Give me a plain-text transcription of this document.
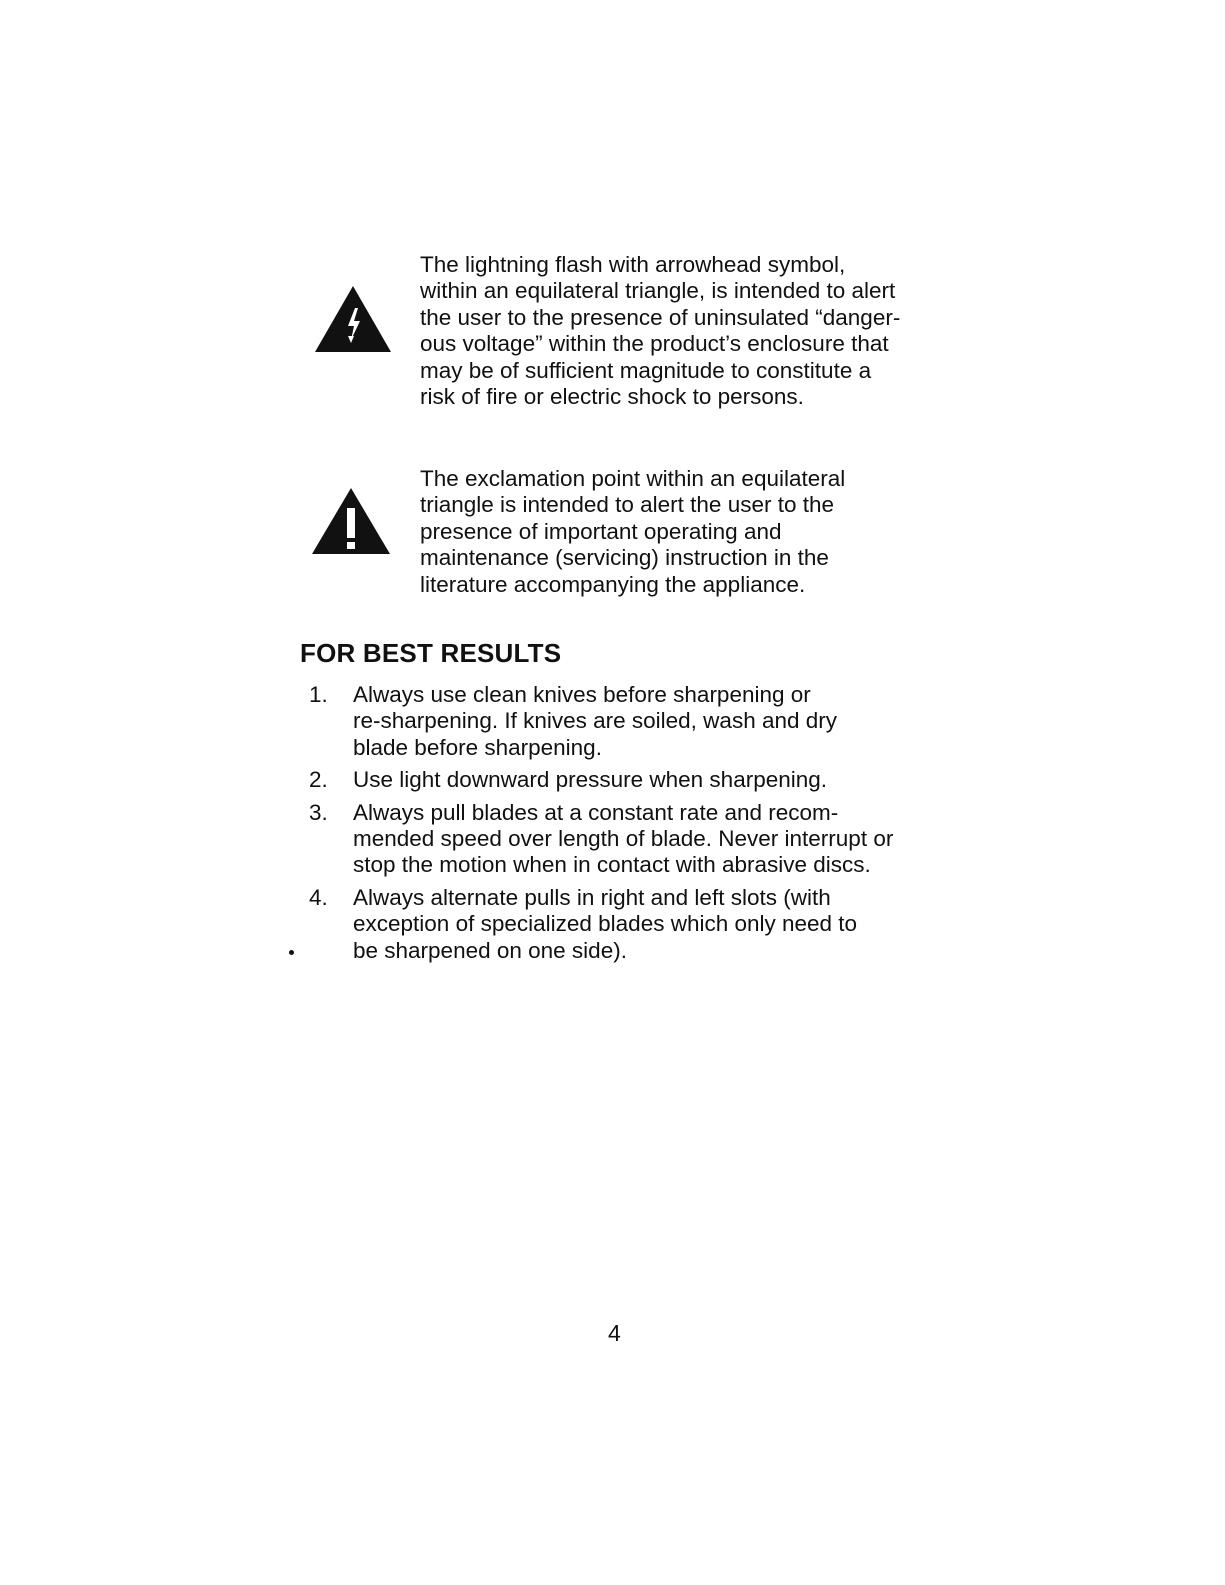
The lightning flash with arrowhead symbol,
within an equilateral triangle, is intended to alert
the user to the presence of uninsulated “danger-
ous voltage” within the product’s enclosure that
may be of sufficient magnitude to constitute a
risk of fire or electric shock to persons.

The exclamation point within an equilateral
triangle is intended to alert the user to the
presence of important operating and
maintenance (servicing) instruction in the
literature accompanying the appliance.

FOR BEST RESULTS
1. Always use clean knives before sharpening or
re-sharpening. If knives are soiled, wash and dry
blade before sharpening.
2. Use light downward pressure when sharpening.
3. Always pull blades at a constant rate and recom-
mended speed over length of blade. Never interrupt or
stop the motion when in contact with abrasive discs.
4. Always alternate pulls in right and left slots (with
exception of specialized blades which only need to
be sharpened on one side).

4
